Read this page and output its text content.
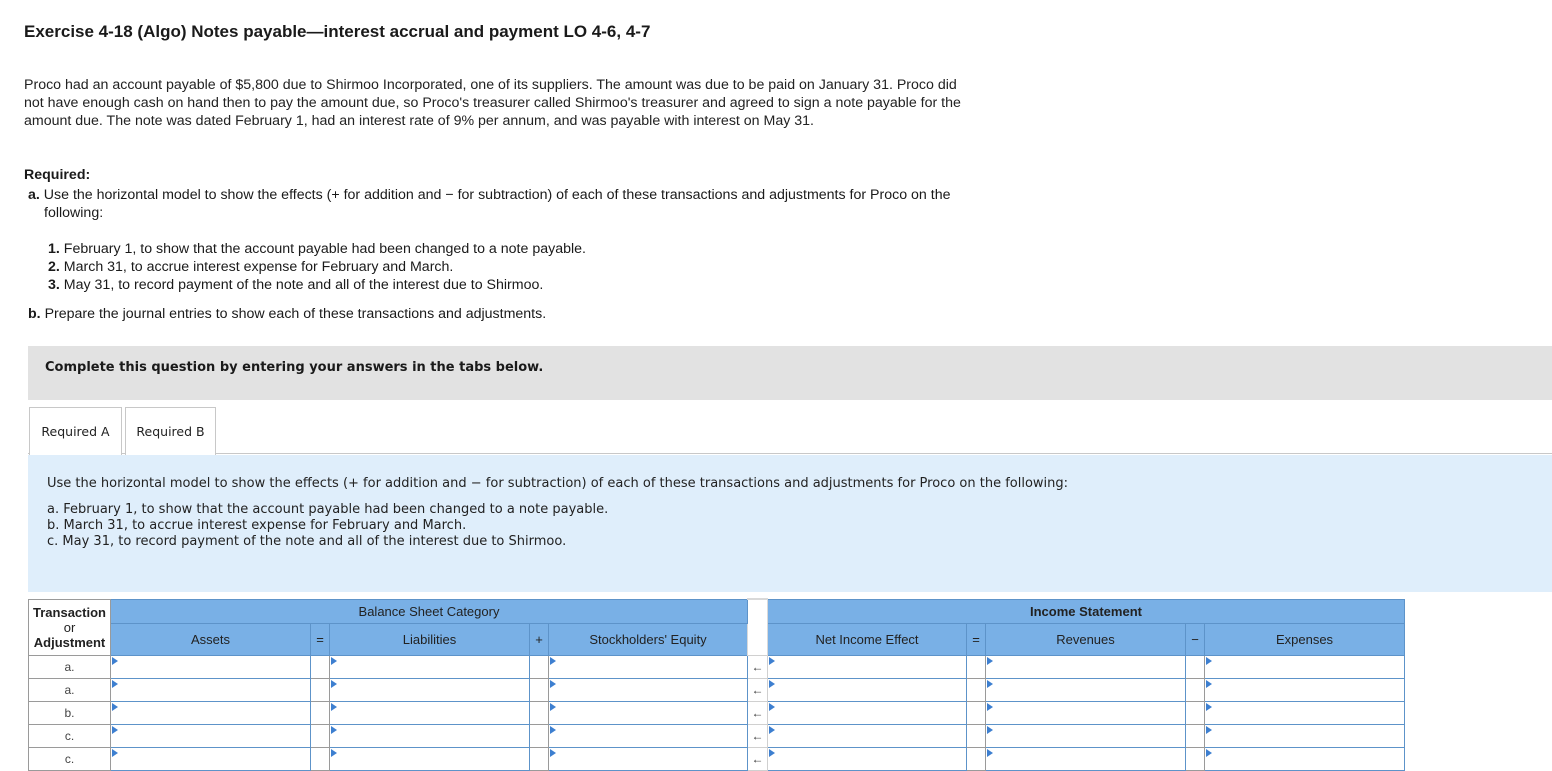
Exercise 4-18 (Algo) Notes payable—interest accrual and payment LO 4-6, 4-7

Proco had an account payable of $5,800 due to Shirmoo Incorporated, one of its suppliers. The amount was due to be paid on January 31. Proco did not have enough cash on hand then to pay the amount due, so Proco's treasurer called Shirmoo's treasurer and agreed to sign a note payable for the amount due. The note was dated February 1, had an interest rate of 9% per annum, and was payable with interest on May 31.

Required:

a. Use the horizontal model to show the effects (+ for addition and − for subtraction) of each of these transactions and adjustments for Proco on the following:
1. February 1, to show that the account payable had been changed to a note payable.
2. March 31, to accrue interest expense for February and March.
3. May 31, to record payment of the note and all of the interest due to Shirmoo.
b. Prepare the journal entries to show each of these transactions and adjustments.
Complete this question by entering your answers in the tabs below.
Required A	Required B
Use the horizontal model to show the effects (+ for addition and − for subtraction) of each of these transactions and adjustments for Proco on the following:
a. February 1, to show that the account payable had been changed to a note payable.
b. March 31, to accrue interest expense for February and March.
c. May 31, to record payment of the note and all of the interest due to Shirmoo.
Transaction
or
Adjustment	Balance Sheet Category						Income Statement				
	Assets	=	Liabilities	+	Stockholders' Equity		Net Income Effect	=	Revenues	−	Expenses
a.						←	

a.						←	

b.						←	

c.						←	

c.						←	
